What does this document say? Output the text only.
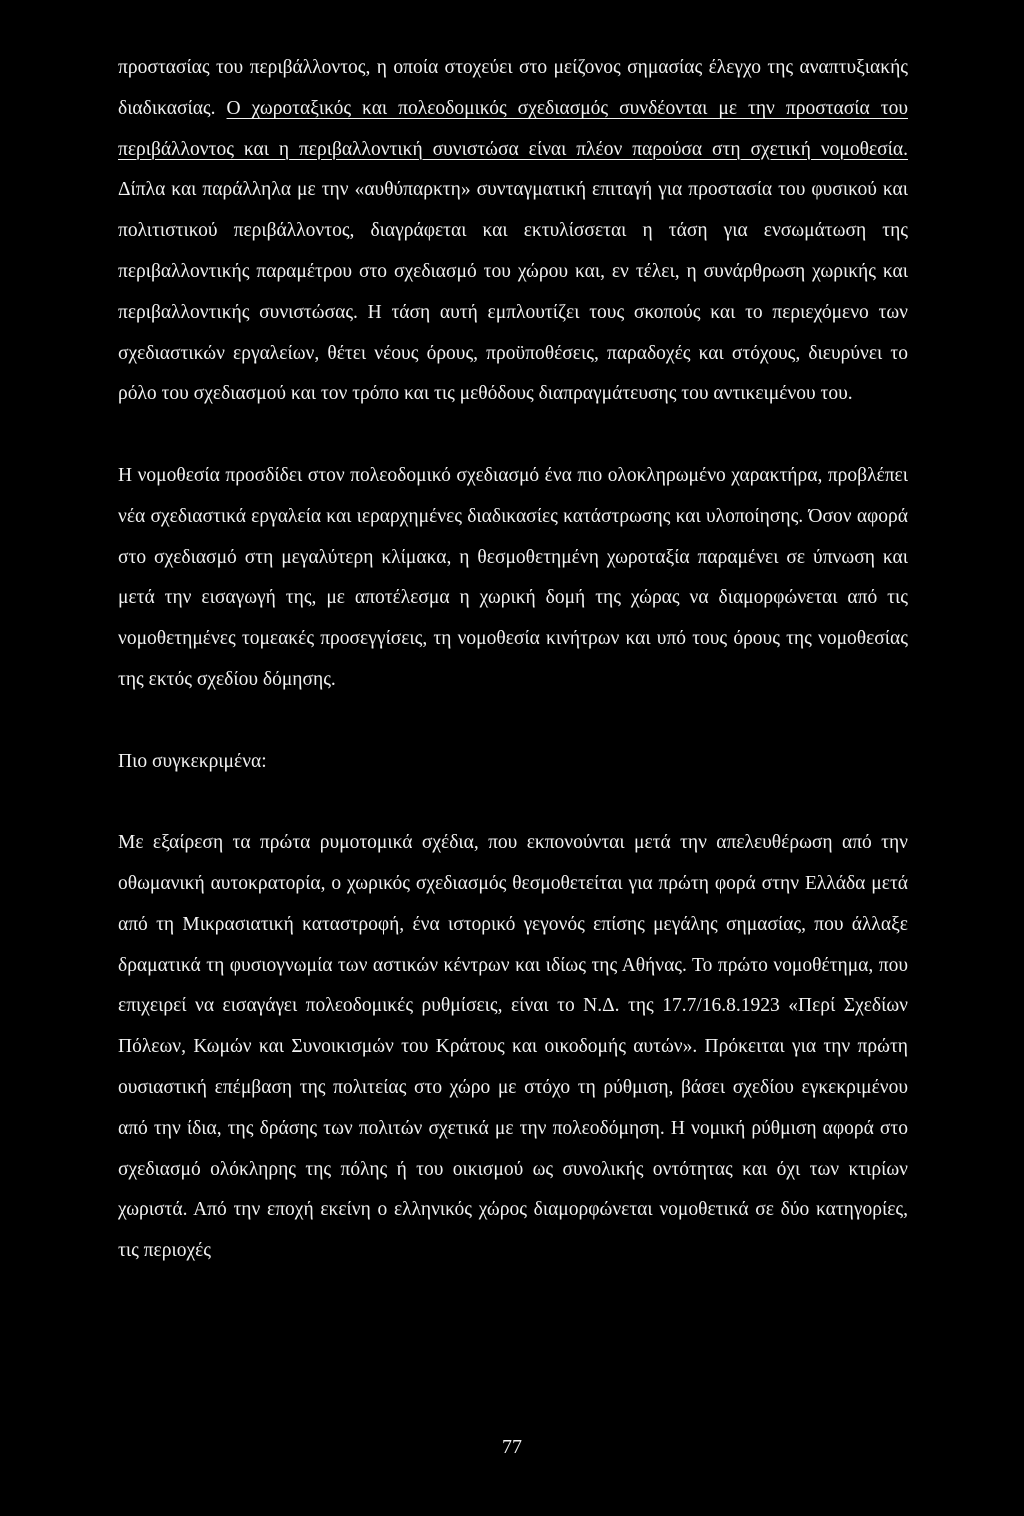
προστασίας του περιβάλλοντος, η οποία στοχεύει στο μείζονος σημασίας έλεγχο της αναπτυξιακής διαδικασίας. Ο χωροταξικός και πολεοδομικός σχεδιασμός συνδέονται με την προστασία του περιβάλλοντος και η περιβαλλοντική συνιστώσα είναι πλέον παρούσα στη σχετική νομοθεσία. Δίπλα και παράλληλα με την «αυθύπαρκτη» συνταγματική επιταγή για προστασία του φυσικού και πολιτιστικού περιβάλλοντος, διαγράφεται και εκτυλίσσεται η τάση για ενσωμάτωση της περιβαλλοντικής παραμέτρου στο σχεδιασμό του χώρου και, εν τέλει, η συνάρθρωση χωρικής και περιβαλλοντικής συνιστώσας. Η τάση αυτή εμπλουτίζει τους σκοπούς και το περιεχόμενο των σχεδιαστικών εργαλείων, θέτει νέους όρους, προϋποθέσεις, παραδοχές και στόχους, διευρύνει το ρόλο του σχεδιασμού και τον τρόπο και τις μεθόδους διαπραγμάτευσης του αντικειμένου του.

Η νομοθεσία προσδίδει στον πολεοδομικό σχεδιασμό ένα πιο ολοκληρωμένο χαρακτήρα, προβλέπει νέα σχεδιαστικά εργαλεία και ιεραρχημένες διαδικασίες κατάστρωσης και υλοποίησης. Όσον αφορά στο σχεδιασμό στη μεγαλύτερη κλίμακα, η θεσμοθετημένη χωροταξία παραμένει σε ύπνωση και μετά την εισαγωγή της, με αποτέλεσμα η χωρική δομή της χώρας να διαμορφώνεται από τις νομοθετημένες τομεακές προσεγγίσεις, τη νομοθεσία κινήτρων και υπό τους όρους της νομοθεσίας της εκτός σχεδίου δόμησης.

Πιο συγκεκριμένα:

Με εξαίρεση τα πρώτα ρυμοτομικά σχέδια, που εκπονούνται μετά την απελευθέρωση από την οθωμανική αυτοκρατορία, ο χωρικός σχεδιασμός θεσμοθετείται για πρώτη φορά στην Ελλάδα μετά από τη Μικρασιατική καταστροφή, ένα ιστορικό γεγονός επίσης μεγάλης σημασίας, που άλλαξε δραματικά τη φυσιογνωμία των αστικών κέντρων και ιδίως της Αθήνας. Το πρώτο νομοθέτημα, που επιχειρεί να εισαγάγει πολεοδομικές ρυθμίσεις, είναι το Ν.Δ. της 17.7/16.8.1923 «Περί Σχεδίων Πόλεων, Κωμών και Συνοικισμών του Κράτους και οικοδομής αυτών». Πρόκειται για την πρώτη ουσιαστική επέμβαση της πολιτείας στο χώρο με στόχο τη ρύθμιση, βάσει σχεδίου εγκεκριμένου από την ίδια, της δράσης των πολιτών σχετικά με την πολεοδόμηση. Η νομική ρύθμιση αφορά στο σχεδιασμό ολόκληρης της πόλης ή του οικισμού ως συνολικής οντότητας και όχι των κτιρίων χωριστά. Από την εποχή εκείνη ο ελληνικός χώρος διαμορφώνεται νομοθετικά σε δύο κατηγορίες, τις περιοχές

77
